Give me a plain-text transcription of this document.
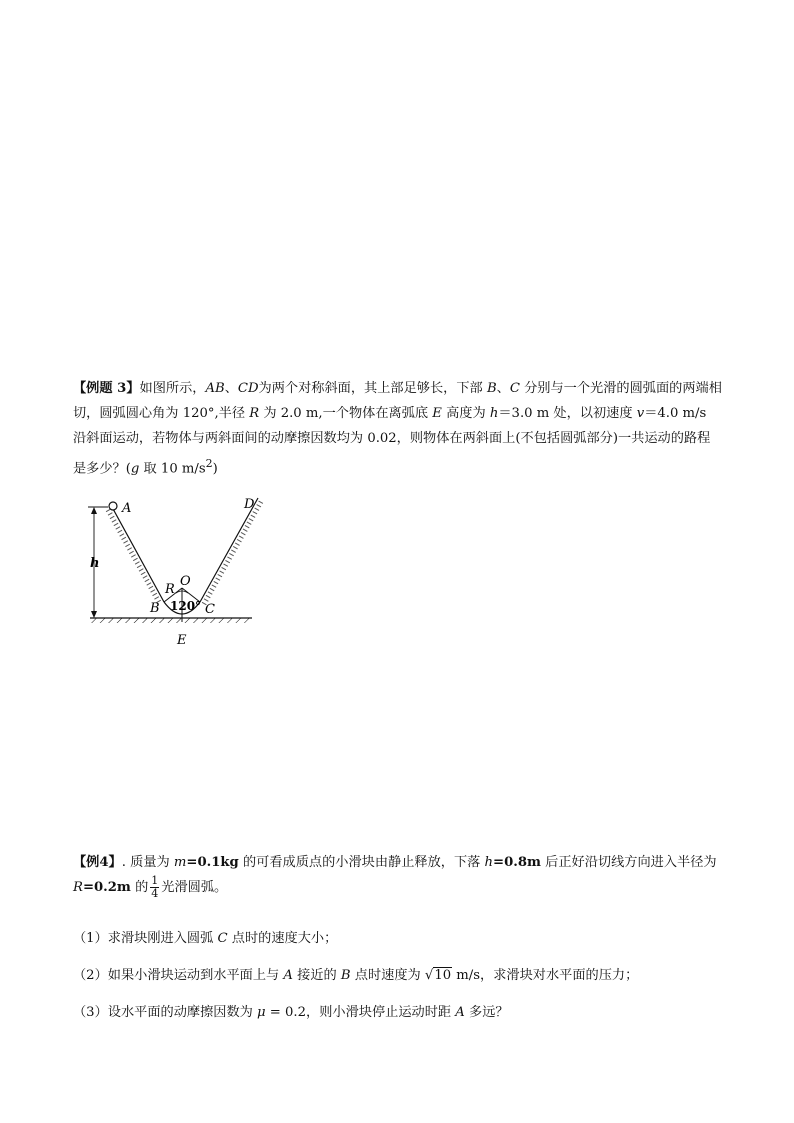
【例题 3】如图所示，AB、CD为两个对称斜面，其上部足够长，下部 B、C 分别与一个光滑的圆弧面的两端相切，圆弧圆心角为 120°,半径 R 为 2.0 m,一个物体在离弧底 E 高度为 h＝3.0 m 处，以初速度 v＝4.0 m/s 沿斜面运动，若物体与两斜面间的动摩擦因数均为 0.02，则物体在两斜面上(不包括圆弧部分)一共运动的路程是多少？(g 取 10 $m/s^2$)

A	D
h
R
O
B	C
E
120°

【例4】. 质量为 m=0.1kg 的可看成质点的小滑块由静止释放，下落 h=0.8m 后正好沿切线方向进入半径为
R=0.2m 的 $\frac{1}{4}$ 光滑圆弧。

（1）求滑块刚进入圆弧 C 点时的速度大小；

（2）如果小滑块运动到水平面上与 A 接近的 B 点时速度为 √10 m/s，求滑块对水平面的压力；

（3）设水平面的动摩擦因数为 μ = 0.2，则小滑块停止运动时距 A 多远？
